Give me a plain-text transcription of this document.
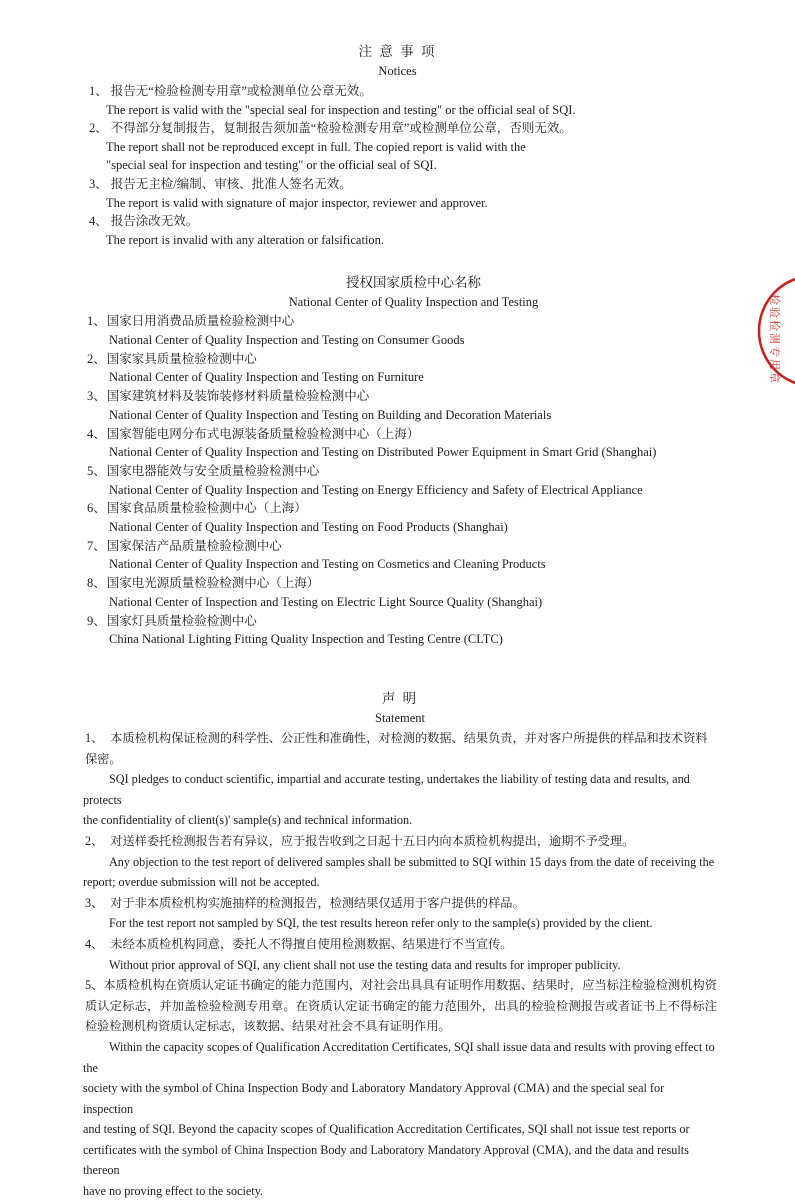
注 意 事 项
Notices
1、 报告无“检验检测专用章”或检测单位公章无效。
The report is valid with the "special seal for inspection and testing" or the official seal of SQI.
2、 不得部分复制报告，复制报告须加盖“检验检测专用章”或检测单位公章，否则无效。
The report shall not be reproduced except in full. The copied report is valid with the
"special seal for inspection and testing" or the official seal of SQI.
3、 报告无主检/编制、审核、批准人签名无效。
The report is valid with signature of major inspector, reviewer and approver.
4、 报告涂改无效。
The report is invalid with any alteration or falsification.
授权国家质检中心名称
National Center of Quality Inspection and Testing
1、国家日用消费品质量检验检测中心
National Center of Quality Inspection and Testing on Consumer Goods
2、国家家具质量检验检测中心
National Center of Quality Inspection and Testing on Furniture
3、国家建筑材料及装饰装修材料质量检验检测中心
National Center of Quality Inspection and Testing on Building and Decoration Materials
4、国家智能电网分布式电源装备质量检验检测中心（上海）
National Center of Quality Inspection and Testing on Distributed Power Equipment in Smart Grid (Shanghai)
5、国家电器能效与安全质量检验检测中心
National Center of Quality Inspection and Testing on Energy Efficiency and Safety of Electrical Appliance
6、国家食品质量检验检测中心（上海）
National Center of Quality Inspection and Testing on Food Products (Shanghai)
7、国家保洁产品质量检验检测中心
National Center of Quality Inspection and Testing on Cosmetics and Cleaning Products
8、国家电光源质量检验检测中心（上海）
National Center of Inspection and Testing on Electric Light Source Quality (Shanghai)
9、国家灯具质量检验检测中心
China National Lighting Fitting Quality Inspection and Testing Centre (CLTC)
声 明
Statement
1、 本质检机构保证检测的科学性、公正性和准确性，对检测的数据、结果负责，并对客户所提供的样品和技术资料保密。
SQI pledges to conduct scientific, impartial and accurate testing, undertakes the liability of testing data and results, and protects
the confidentiality of client(s)' sample(s) and technical information.
2、 对送样委托检测报告若有异议，应于报告收到之日起十五日内向本质检机构提出，逾期不予受理。
Any objection to the test report of delivered samples shall be submitted to SQI within 15 days from the date of receiving the
report; overdue submission will not be accepted.
3、 对于非本质检机构实施抽样的检测报告，检测结果仅适用于客户提供的样品。
For the test report not sampled by SQI, the test results hereon refer only to the sample(s) provided by the client.
4、 未经本质检机构同意，委托人不得擅自使用检测数据、结果进行不当宣传。
Without prior approval of SQI, any client shall not use the testing data and results for improper publicity.
5、本质检机构在资质认定证书确定的能力范围内，对社会出具具有证明作用数据、结果时，应当标注检验检测机构资质认定标志，并加盖检验检测专用章。在资质认定证书确定的能力范围外，出具的检验检测报告或者证书上不得标注检验检测机构资质认定标志，该数据、结果对社会不具有证明作用。
Within the capacity scopes of Qualification Accreditation Certificates, SQI shall issue data and results with proving effect to the
society with the symbol of China Inspection Body and Laboratory Mandatory Approval (CMA) and the special seal for inspection
and testing of SQI. Beyond the capacity scopes of Qualification Accreditation Certificates, SQI shall not issue test reports or
certificates with the symbol of China Inspection Body and Laboratory Mandatory Approval (CMA), and the data and results thereon
have no proving effect to the society.
检验检测专用章
